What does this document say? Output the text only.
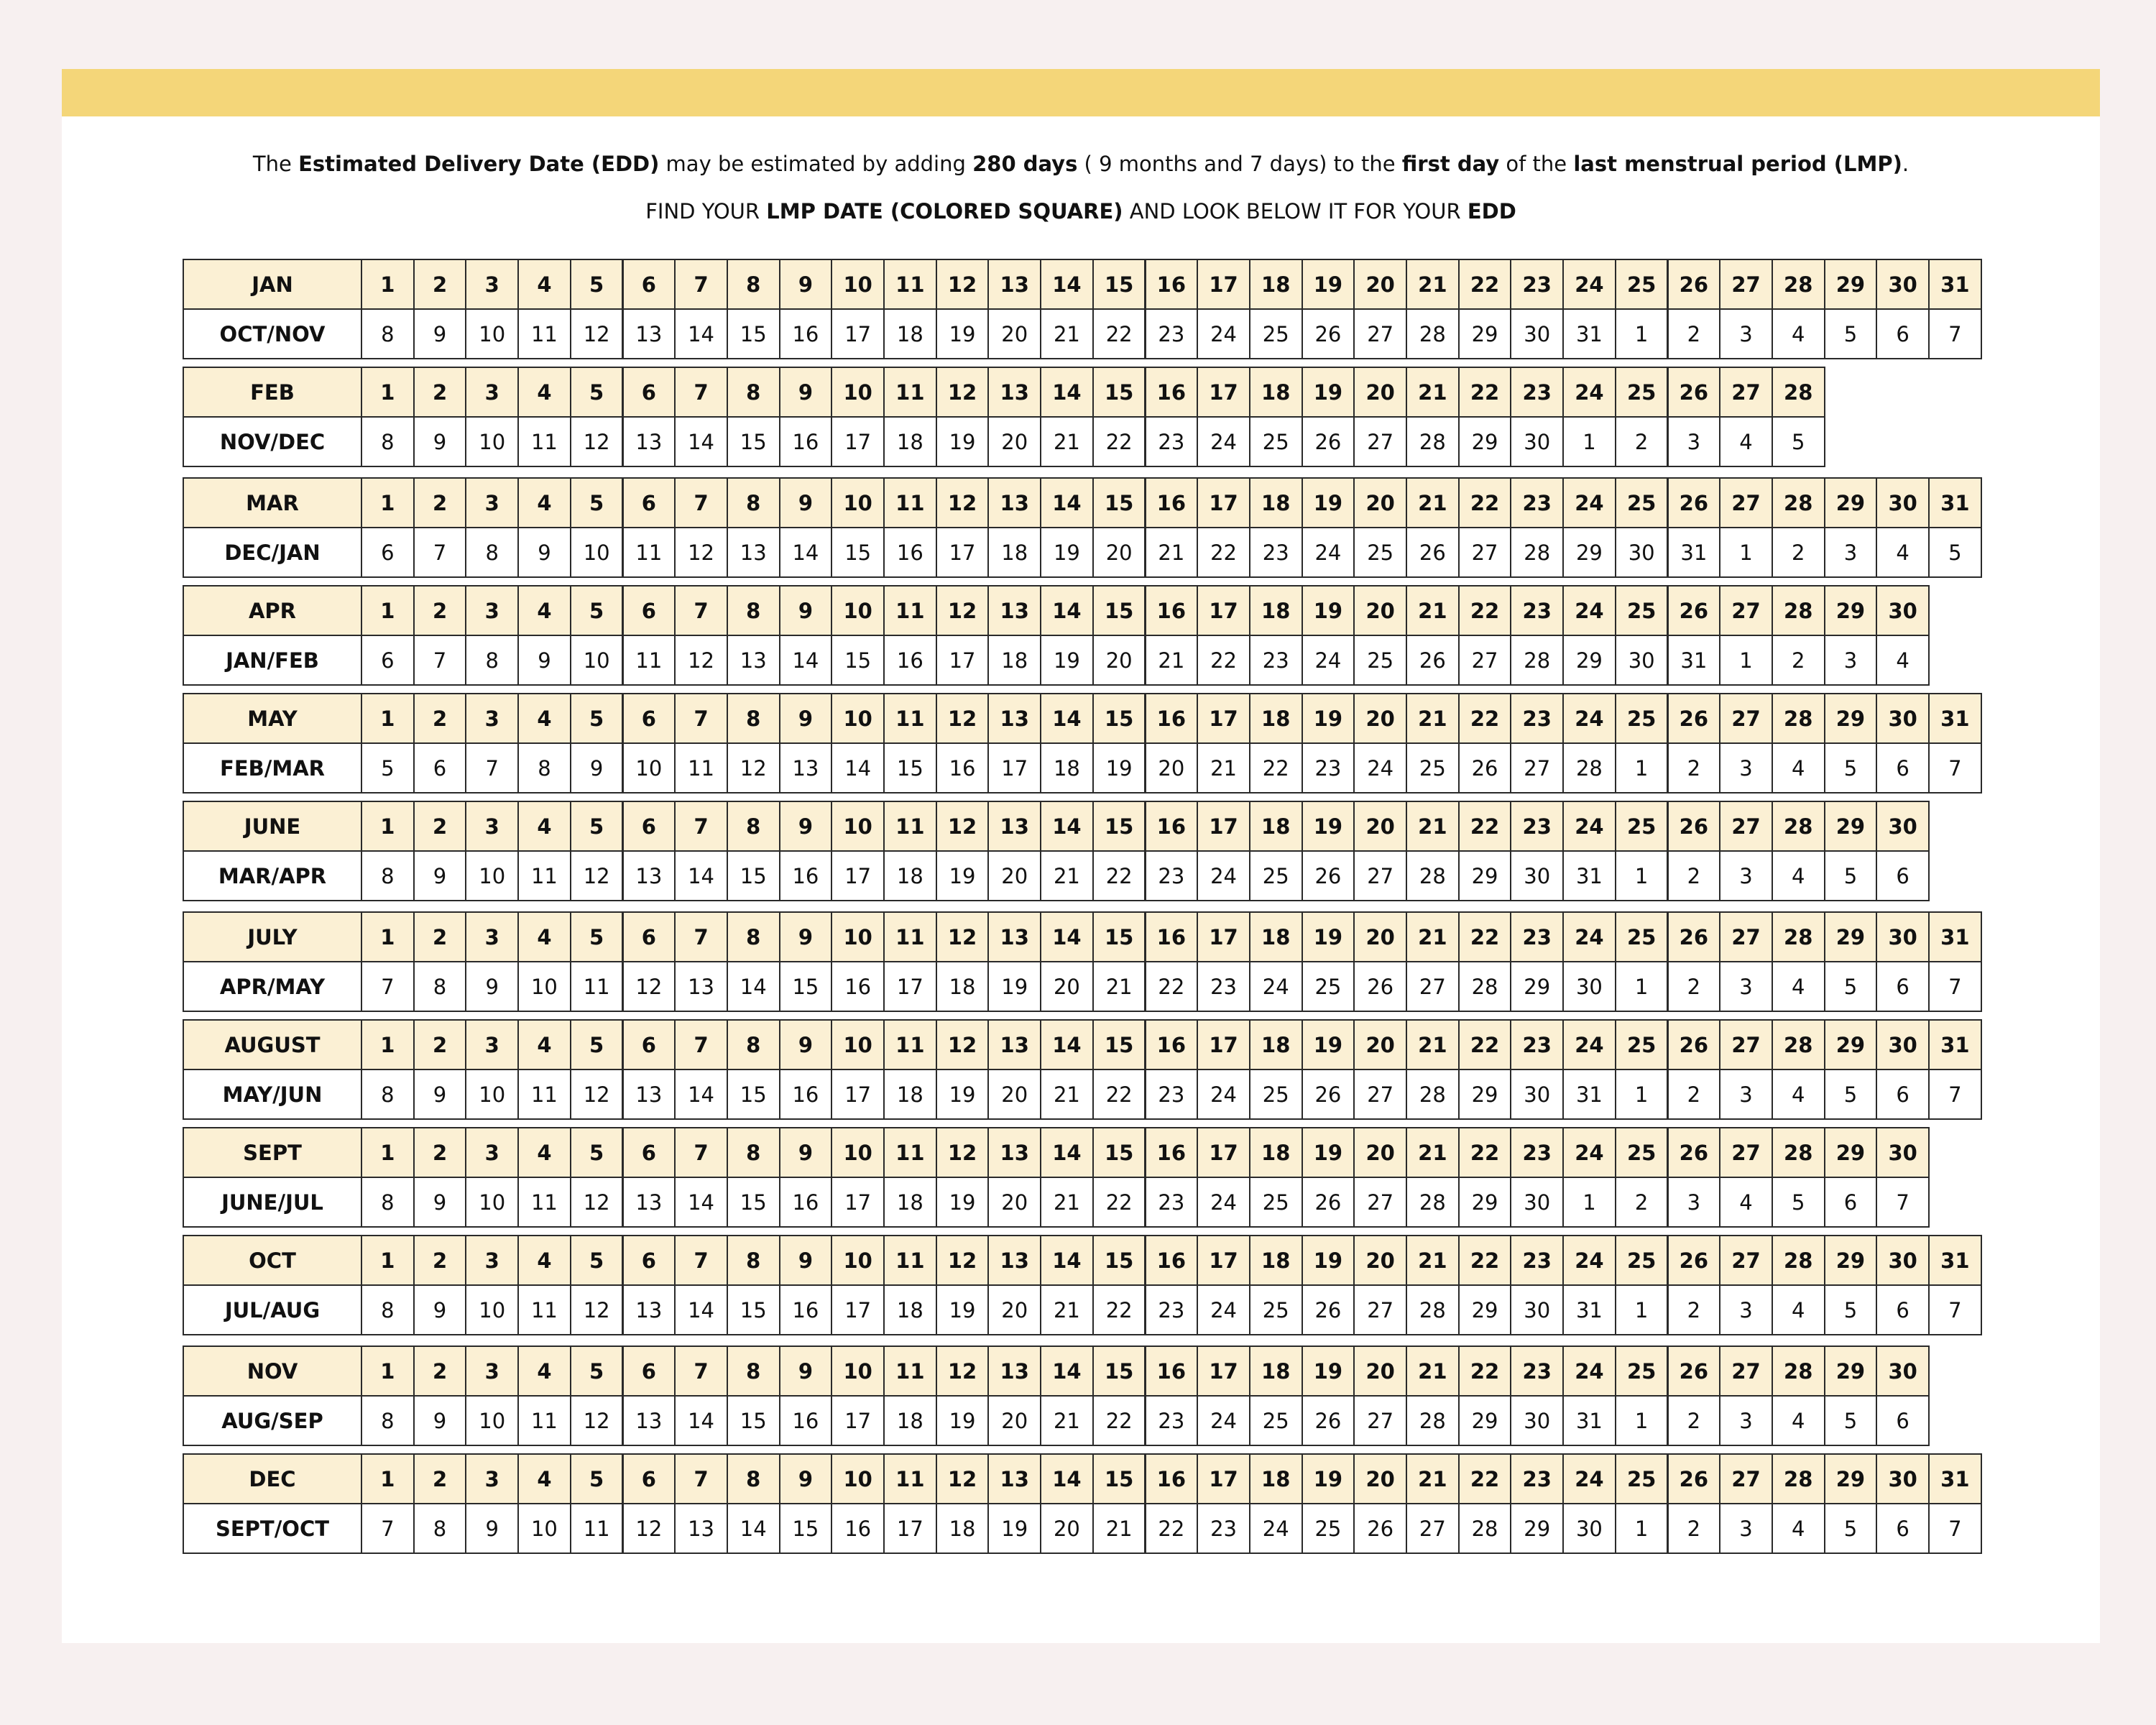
The Estimated Delivery Date (EDD) may be estimated by adding 280 days ( 9 months and 7 days) to the first day of the last menstrual period (LMP).
FIND YOUR LMP DATE (COLORED SQUARE) AND LOOK BELOW IT FOR YOUR EDD
JAN
OCT/NOV
1
8
2
9
3
10
4
11
5
12
6
13
7
14
8
15
9
16
10
17
11
18
12
19
13
20
14
21
15
22
16
23
17
24
18
25
19
26
20
27
21
28
22
29
23
30
24
31
25
1
26
2
27
3
28
4
29
5
30
6
31
7
FEB
NOV/DEC
1
8
2
9
3
10
4
11
5
12
6
13
7
14
8
15
9
16
10
17
11
18
12
19
13
20
14
21
15
22
16
23
17
24
18
25
19
26
20
27
21
28
22
29
23
30
24
1
25
2
26
3
27
4
28
5
MAR
DEC/JAN
1
6
2
7
3
8
4
9
5
10
6
11
7
12
8
13
9
14
10
15
11
16
12
17
13
18
14
19
15
20
16
21
17
22
18
23
19
24
20
25
21
26
22
27
23
28
24
29
25
30
26
31
27
1
28
2
29
3
30
4
31
5
APR
JAN/FEB
1
6
2
7
3
8
4
9
5
10
6
11
7
12
8
13
9
14
10
15
11
16
12
17
13
18
14
19
15
20
16
21
17
22
18
23
19
24
20
25
21
26
22
27
23
28
24
29
25
30
26
31
27
1
28
2
29
3
30
4
MAY
FEB/MAR
1
5
2
6
3
7
4
8
5
9
6
10
7
11
8
12
9
13
10
14
11
15
12
16
13
17
14
18
15
19
16
20
17
21
18
22
19
23
20
24
21
25
22
26
23
27
24
28
25
1
26
2
27
3
28
4
29
5
30
6
31
7
JUNE
MAR/APR
1
8
2
9
3
10
4
11
5
12
6
13
7
14
8
15
9
16
10
17
11
18
12
19
13
20
14
21
15
22
16
23
17
24
18
25
19
26
20
27
21
28
22
29
23
30
24
31
25
1
26
2
27
3
28
4
29
5
30
6
JULY
APR/MAY
1
7
2
8
3
9
4
10
5
11
6
12
7
13
8
14
9
15
10
16
11
17
12
18
13
19
14
20
15
21
16
22
17
23
18
24
19
25
20
26
21
27
22
28
23
29
24
30
25
1
26
2
27
3
28
4
29
5
30
6
31
7
AUGUST
MAY/JUN
1
8
2
9
3
10
4
11
5
12
6
13
7
14
8
15
9
16
10
17
11
18
12
19
13
20
14
21
15
22
16
23
17
24
18
25
19
26
20
27
21
28
22
29
23
30
24
31
25
1
26
2
27
3
28
4
29
5
30
6
31
7
SEPT
JUNE/JUL
1
8
2
9
3
10
4
11
5
12
6
13
7
14
8
15
9
16
10
17
11
18
12
19
13
20
14
21
15
22
16
23
17
24
18
25
19
26
20
27
21
28
22
29
23
30
24
1
25
2
26
3
27
4
28
5
29
6
30
7
OCT
JUL/AUG
1
8
2
9
3
10
4
11
5
12
6
13
7
14
8
15
9
16
10
17
11
18
12
19
13
20
14
21
15
22
16
23
17
24
18
25
19
26
20
27
21
28
22
29
23
30
24
31
25
1
26
2
27
3
28
4
29
5
30
6
31
7
NOV
AUG/SEP
1
8
2
9
3
10
4
11
5
12
6
13
7
14
8
15
9
16
10
17
11
18
12
19
13
20
14
21
15
22
16
23
17
24
18
25
19
26
20
27
21
28
22
29
23
30
24
31
25
1
26
2
27
3
28
4
29
5
30
6
DEC
SEPT/OCT
1
7
2
8
3
9
4
10
5
11
6
12
7
13
8
14
9
15
10
16
11
17
12
18
13
19
14
20
15
21
16
22
17
23
18
24
19
25
20
26
21
27
22
28
23
29
24
30
25
1
26
2
27
3
28
4
29
5
30
6
31
7
